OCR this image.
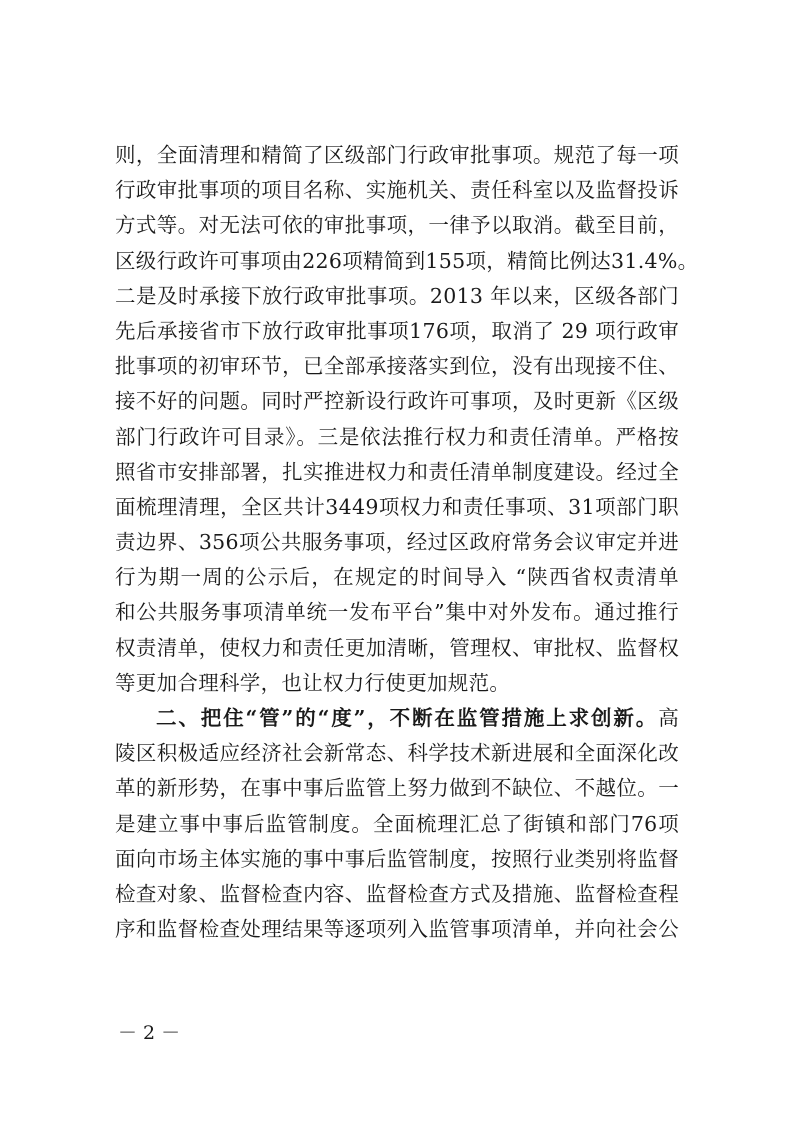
则，全面清理和精简了区级部门行政审批事项。规范了每一项
行政审批事项的项目名称、实施机关、责任科室以及监督投诉
方式等。对无法可依的审批事项，一律予以取消。截至目前，
区级行政许可事项由226项精简到155项，精简比例达31.4%。
二是及时承接下放行政审批事项。2013 年以来，区级各部门
先后承接省市下放行政审批事项176项，取消了 29 项行政审
批事项的初审环节，已全部承接落实到位，没有出现接不住、
接不好的问题。同时严控新设行政许可事项，及时更新《区级
部门行政许可目录》。三是依法推行权力和责任清单。严格按
照省市安排部署，扎实推进权力和责任清单制度建设。经过全
面梳理清理，全区共计3449项权力和责任事项、31项部门职
责边界、356项公共服务事项，经过区政府常务会议审定并进
行为期一周的公示后，在规定的时间导入 “陕西省权责清单
和公共服务事项清单统一发布平台”集中对外发布。通过推行
权责清单，使权力和责任更加清晰，管理权、审批权、监督权
等更加合理科学，也让权力行使更加规范。
二、把住“管”的“度”，不断在监管措施上求创新。高
陵区积极适应经济社会新常态、科学技术新进展和全面深化改
革的新形势，在事中事后监管上努力做到不缺位、不越位。一
是建立事中事后监管制度。全面梳理汇总了街镇和部门76项
面向市场主体实施的事中事后监管制度，按照行业类别将监督
检查对象、监督检查内容、监督检查方式及措施、监督检查程
序和监督检查处理结果等逐项列入监管事项清单，并向社会公
－ 2 －
